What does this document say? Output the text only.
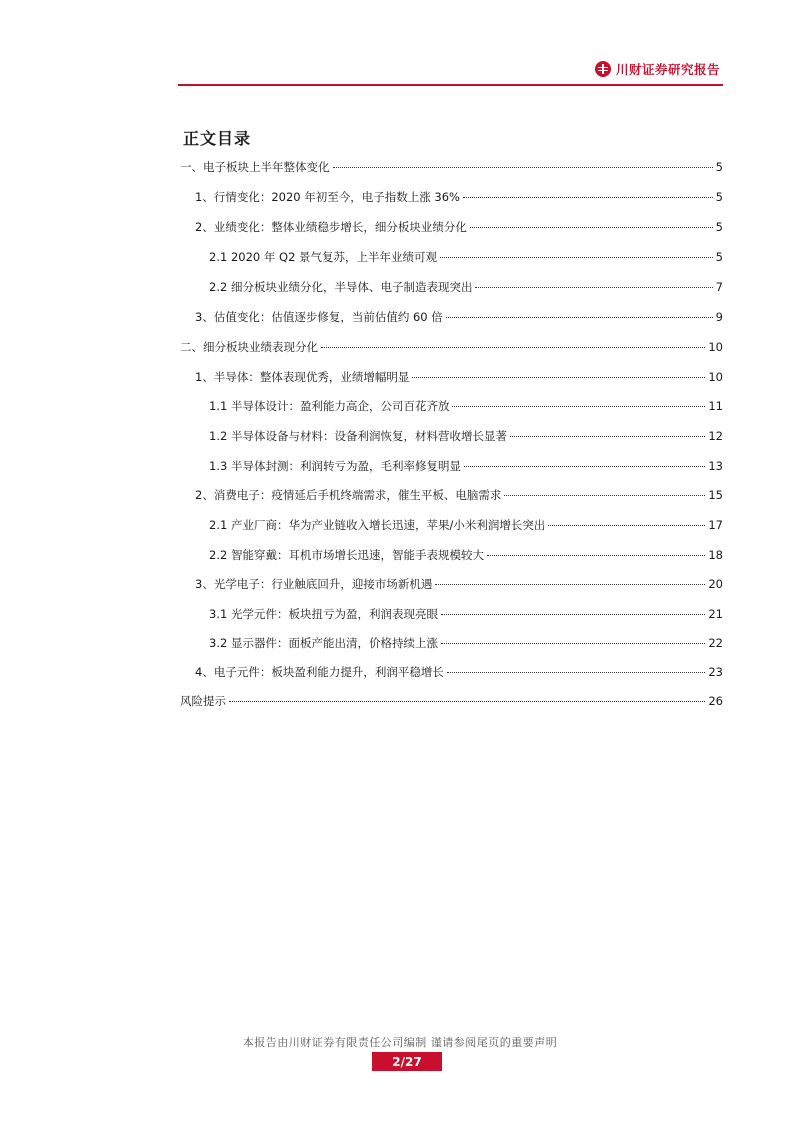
川财证券研究报告
正文目录
一、电子板块上半年整体变化	5
1、行情变化：2020 年初至今，电子指数上涨 36%	5
2、业绩变化：整体业绩稳步增长，细分板块业绩分化	5
2.1 2020 年 Q2 景气复苏，上半年业绩可观	5
2.2 细分板块业绩分化，半导体、电子制造表现突出	7
3、估值变化：估值逐步修复，当前估值约 60 倍	9
二、细分板块业绩表现分化	10
1、半导体：整体表现优秀，业绩增幅明显	10
1.1 半导体设计：盈利能力高企，公司百花齐放	11
1.2 半导体设备与材料：设备利润恢复，材料营收增长显著	12
1.3 半导体封测：利润转亏为盈，毛利率修复明显	13
2、消费电子：疫情延后手机终端需求，催生平板、电脑需求	15
2.1 产业厂商：华为产业链收入增长迅速，苹果/小米利润增长突出	17
2.2 智能穿戴：耳机市场增长迅速，智能手表规模较大	18
3、光学电子：行业触底回升，迎接市场新机遇	20
3.1 光学元件：板块扭亏为盈，利润表现亮眼	21
3.2 显示器件：面板产能出清，价格持续上涨	22
4、电子元件：板块盈利能力提升，利润平稳增长	23
风险提示	26
本报告由川财证券有限责任公司编制 谨请参阅尾页的重要声明
2/27
